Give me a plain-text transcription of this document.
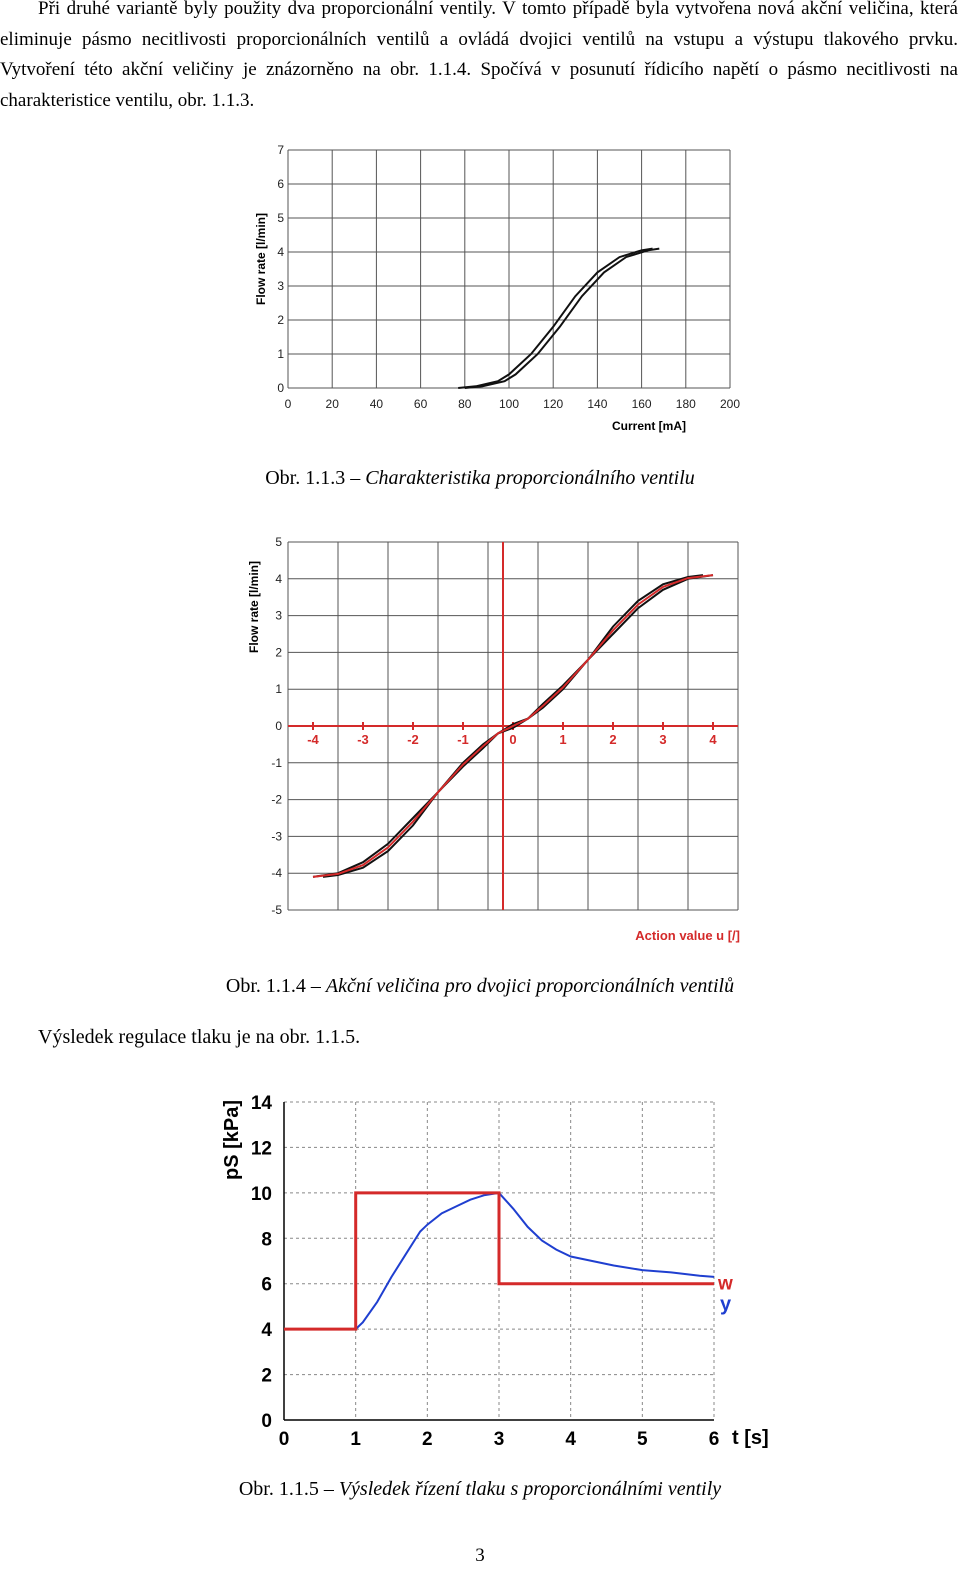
Při druhé variantě byly použity dva proporcionální ventily. V tomto případě byla vytvořena nová akční veličina, která eliminuje pásmo necitlivosti proporcionálních ventilů a ovládá dvojici ventilů na vstupu a výstupu tlakového prvku. Vytvoření této akční veličiny je znázorněno na obr. 1.1.4. Spočívá v posunutí řídicího napětí o pásmo necitlivosti na charakteristice ventilu, obr. 1.1.3.
0	20	40	60	80 100 120 140 160 180 200
0
1
2
3
4
5
6
7
Current [mA]
Flow rate [l/min]
Obr. 1.1.3 – Charakteristika proporcionálního ventilu
5
4
3
2
1
0
-1
-2
-3
-4
-5
-4	-3	-2	-1	0	1	2	3	4
Action value u [/]
Flow rate [l/min]
Obr. 1.1.4 – Akční veličina pro dvojici proporcionálních ventilů
Výsledek regulace tlaku je na obr. 1.1.5.
0	1	2	3	4	5	6
0
2
4
6
8
10
12
14
w
y
t [s]
pS [kPa]
Obr. 1.1.5 – Výsledek řízení tlaku s proporcionálními ventily
3
